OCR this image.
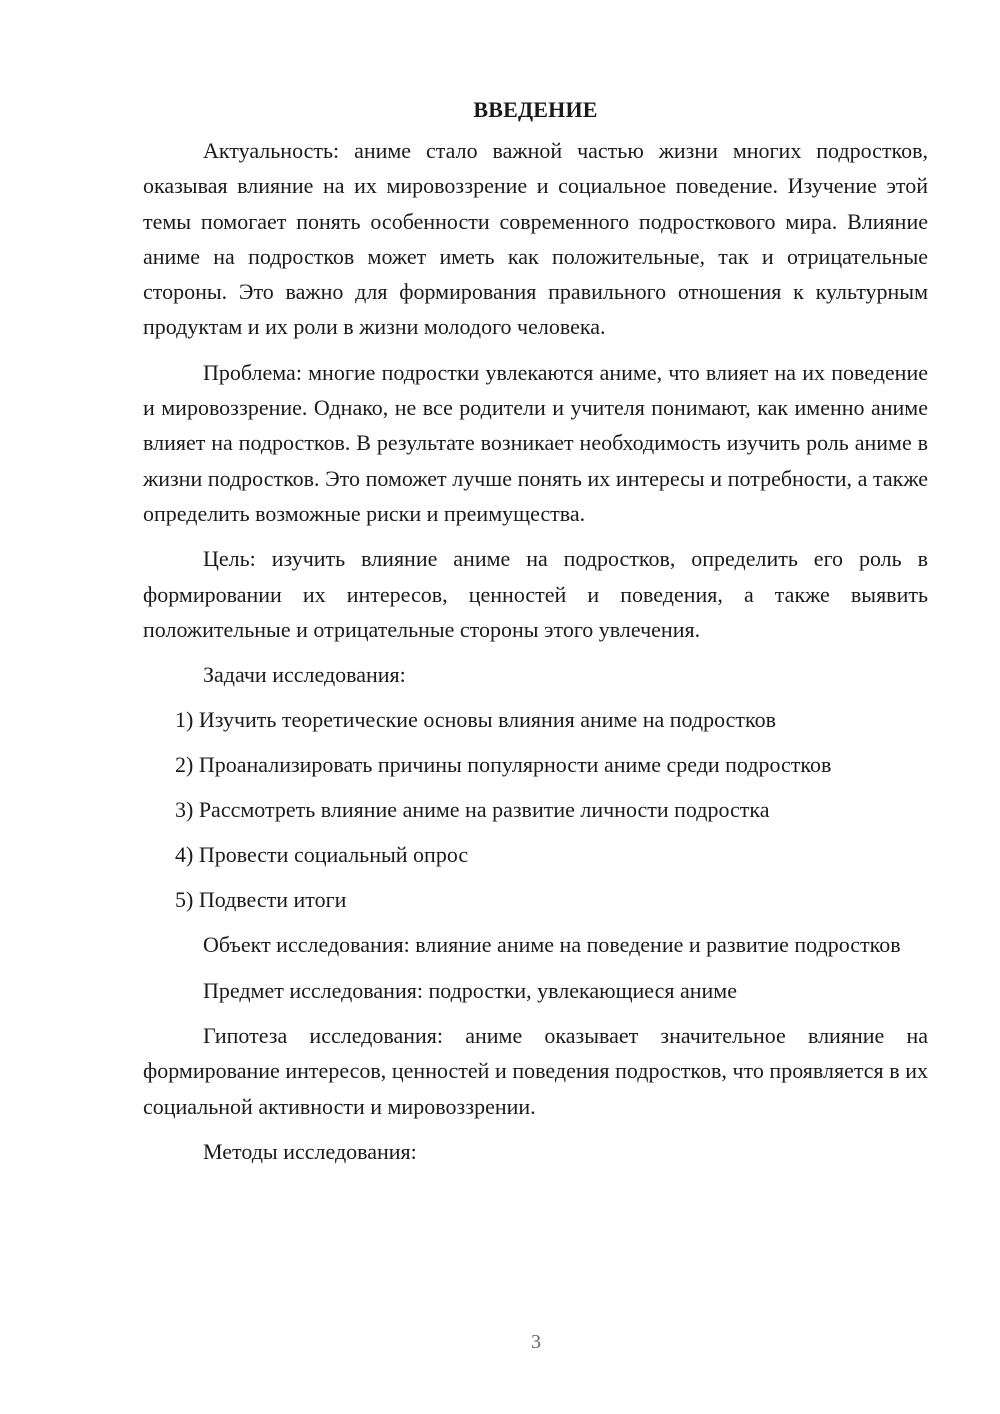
ВВЕДЕНИЕ

Актуальность: аниме стало важной частью жизни многих подростков, оказывая влияние на их мировоззрение и социальное поведение. Изучение этой темы помогает понять особенности современного подросткового мира. Влияние аниме на подростков может иметь как положительные, так и отрицательные стороны. Это важно для формирования правильного отношения к культурным продуктам и их роли в жизни молодого человека.

Проблема: многие подростки увлекаются аниме, что влияет на их поведение и мировоззрение. Однако, не все родители и учителя понимают, как именно аниме влияет на подростков. В результате возникает необходимость изучить роль аниме в жизни подростков. Это поможет лучше понять их интересы и потребности, а также определить возможные риски и преимущества.

Цель: изучить влияние аниме на подростков, определить его роль в формировании их интересов, ценностей и поведения, а также выявить положительные и отрицательные стороны этого увлечения.

Задачи исследования:

1) Изучить теоретические основы влияния аниме на подростков
2) Проанализировать причины популярности аниме среди подростков
3) Рассмотреть влияние аниме на развитие личности подростка
4) Провести социальный опрос
5) Подвести итоги

Объект исследования: влияние аниме на поведение и развитие подростков

Предмет исследования: подростки, увлекающиеся аниме

Гипотеза исследования: аниме оказывает значительное влияние на формирование интересов, ценностей и поведения подростков, что проявляется в их социальной активности и мировоззрении.

Методы исследования:

3
